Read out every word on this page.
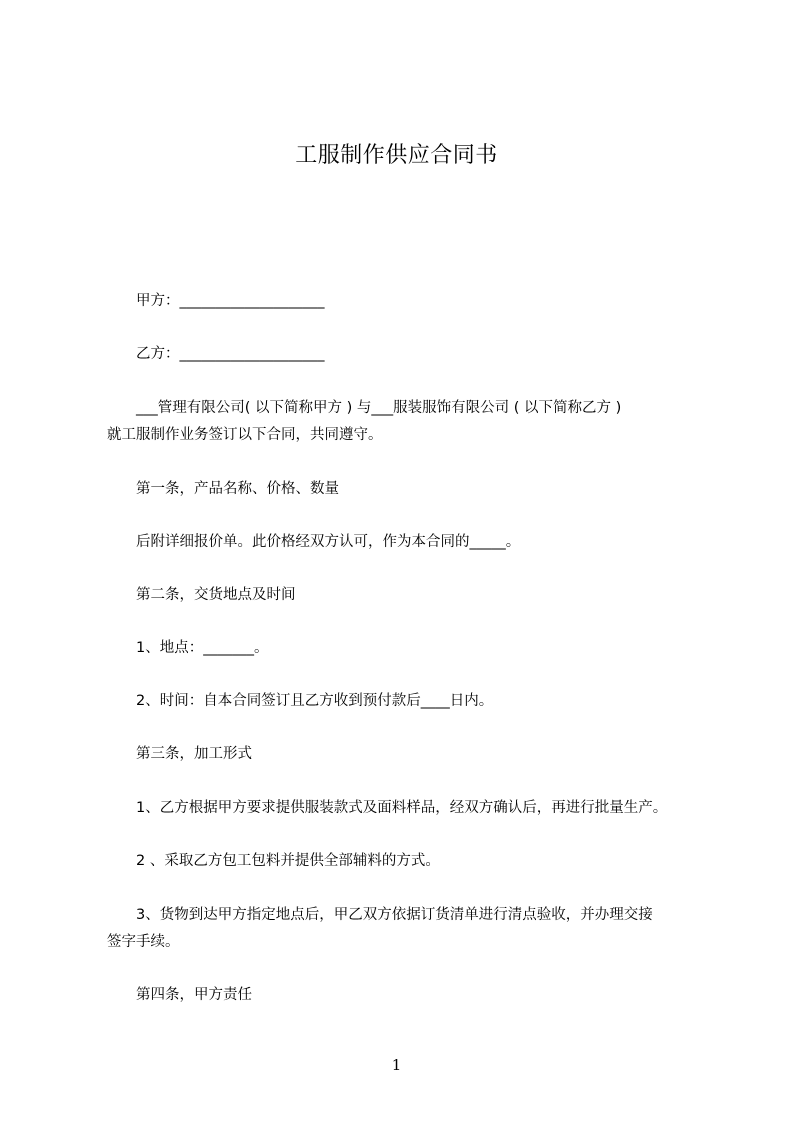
工服制作供应合同书
甲方：____________________
乙方：____________________
___管理有限公司( 以下简称甲方 ) 与___服装服饰有限公司 ( 以下简称乙方 )
就工服制作业务签订以下合同，共同遵守。
第一条，产品名称、价格、数量
后附详细报价单。此价格经双方认可，作为本合同的_____。
第二条，交货地点及时间
1、地点：_______。
2、时间：自本合同签订且乙方收到预付款后____日内。
第三条，加工形式
1、乙方根据甲方要求提供服装款式及面料样品，经双方确认后，再进行批量生产。
2 、采取乙方包工包料并提供全部辅料的方式。
3、货物到达甲方指定地点后，甲乙双方依据订货清单进行清点验收，并办理交接
签字手续。
第四条，甲方责任
1
